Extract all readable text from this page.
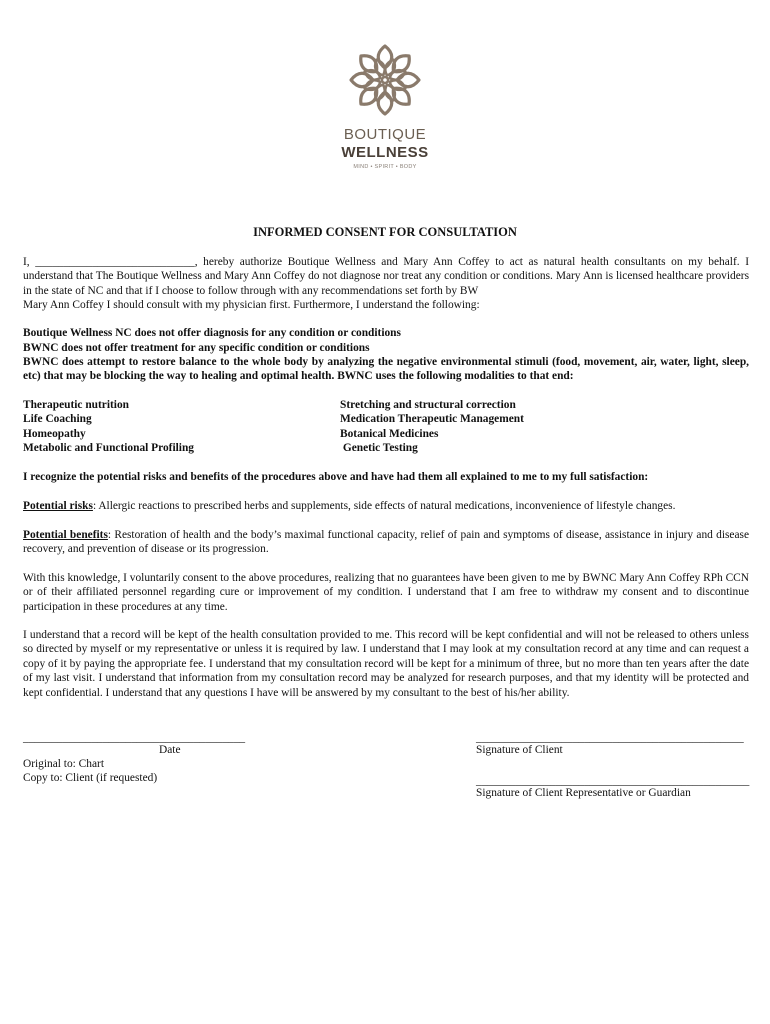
BOUTIQUE
WELLNESS
MIND • SPIRIT • BODY
INFORMED CONSENT FOR CONSULTATION
I, ____________________________, hereby authorize Boutique Wellness and Mary Ann Coffey to act as natural health consultants on my behalf. I understand that The Boutique Wellness and Mary Ann Coffey do not diagnose nor treat any condition or conditions. Mary Ann is licensed healthcare providers in the state of NC and that if I choose to follow through with any recommendations set forth by BW
Mary Ann Coffey I should consult with my physician first. Furthermore, I understand the following:
Boutique Wellness NC does not offer diagnosis for any condition or conditions
BWNC does not offer treatment for any specific condition or conditions
BWNC does attempt to restore balance to the whole body by analyzing the negative environmental stimuli (food, movement, air, water, light, sleep, etc) that may be blocking the way to healing and optimal health. BWNC uses the following modalities to that end:
Therapeutic nutrition
Life Coaching
Homeopathy
Metabolic and Functional Profiling
Stretching and structural correction
Medication Therapeutic Management
Botanical Medicines
Genetic Testing
I recognize the potential risks and benefits of the procedures above and have had them all explained to me to my full satisfaction:
Potential risks: Allergic reactions to prescribed herbs and supplements, side effects of natural medications, inconvenience of lifestyle changes.
Potential benefits: Restoration of health and the body’s maximal functional capacity, relief of pain and symptoms of disease, assistance in injury and disease recovery, and prevention of disease or its progression.
With this knowledge, I voluntarily consent to the above procedures, realizing that no guarantees have been given to me by BWNC Mary Ann Coffey RPh CCN or of their affiliated personnel regarding cure or improvement of my condition. I understand that I am free to withdraw my consent and to discontinue participation in these procedures at any time.
I understand that a record will be kept of the health consultation provided to me. This record will be kept confidential and will not be released to others unless so directed by myself or my representative or unless it is required by law. I understand that I may look at my consultation record at any time and can request a copy of it by paying the appropriate fee. I understand that my consultation record will be kept for a minimum of three, but no more than ten years after the date of my last visit. I understand that information from my consultation record may be analyzed for research purposes, and that my identity will be protected and kept confidential. I understand that any questions I have will be answered by my consultant to the best of his/her ability.
_______________________________________
Date
Original to: Chart
Copy to: Client (if requested)
_______________________________________________
Signature of Client
________________________________________________
Signature of Client Representative or Guardian
